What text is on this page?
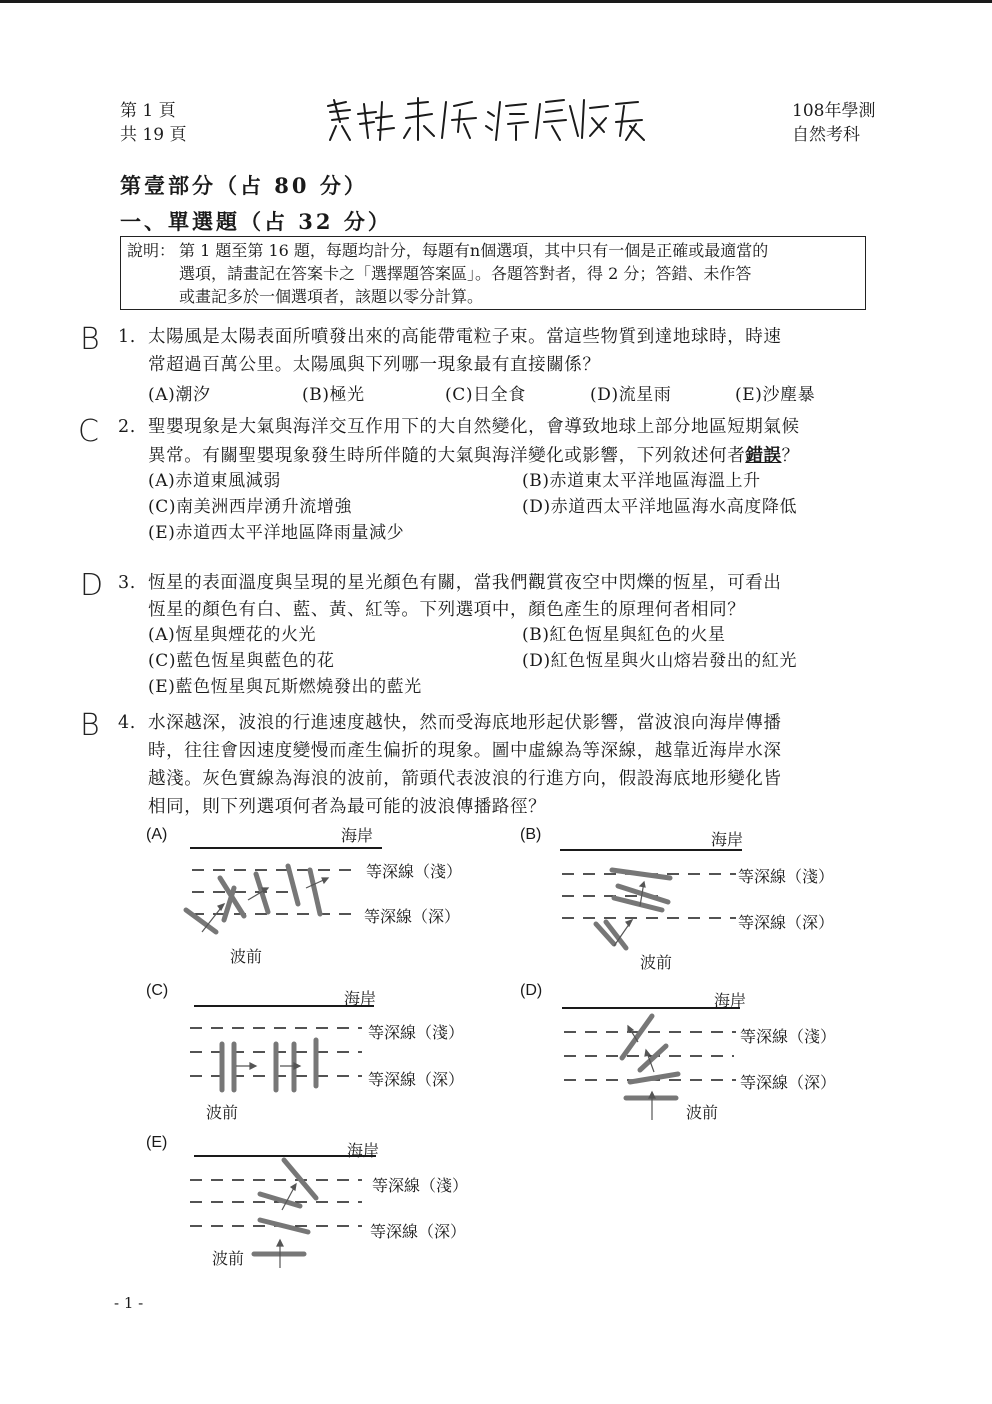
第 1 頁
共 19 頁
108年學測
自然考科
第壹部分（占 80 分）
一、單選題（占 32 分）
說明： 第 1 題至第 16 題，每題均計分，每題有n個選項，其中只有一個是正確或最適當的
選項，請畫記在答案卡之「選擇題答案區」。各題答對者，得 2 分；答錯、未作答
或畫記多於一個選項者，該題以零分計算。
B 1. 太陽風是太陽表面所噴發出來的高能帶電粒子束。當這些物質到達地球時，時速
常超過百萬公里。太陽風與下列哪一現象最有直接關係？
(A)潮汐	(B)極光	(C)日全食	(D)流星雨	(E)沙塵暴
C 2. 聖嬰現象是大氣與海洋交互作用下的大自然變化，會導致地球上部分地區短期氣候
異常。有關聖嬰現象發生時所伴隨的大氣與海洋變化或影響，下列敘述何者錯誤？
(A)赤道東風減弱	(B)赤道東太平洋地區海溫上升
(C)南美洲西岸湧升流增強	(D)赤道西太平洋地區海水高度降低
(E)赤道西太平洋地區降雨量減少
D 3. 恆星的表面溫度與呈現的星光顏色有關，當我們觀賞夜空中閃爍的恆星，可看出
恆星的顏色有白、藍、黃、紅等。下列選項中，顏色產生的原理何者相同？
(A)恆星與煙花的火光	(B)紅色恆星與紅色的火星
(C)藍色恆星與藍色的花	(D)紅色恆星與火山熔岩發出的紅光
(E)藍色恆星與瓦斯燃燒發出的藍光
B 4. 水深越深，波浪的行進速度越快，然而受海底地形起伏影響，當波浪向海岸傳播
時，往往會因速度變慢而產生偏折的現象。圖中虛線為等深線，越靠近海岸水深
越淺。灰色實線為海浪的波前，箭頭代表波浪的行進方向，假設海底地形變化皆
相同，則下列選項何者為最可能的波浪傳播路徑？
(A)	(B)
(C)	(D)
(E)
海岸
等深線（淺）
等深線（深）
波前
海岸
等深線（淺）
等深線（深）
波前
海岸
等深線（淺）
等深線（深）
波前
海岸
等深線（淺）
等深線（深）
波前
海岸
等深線（淺）
等深線（深）
波前
- 1 -
